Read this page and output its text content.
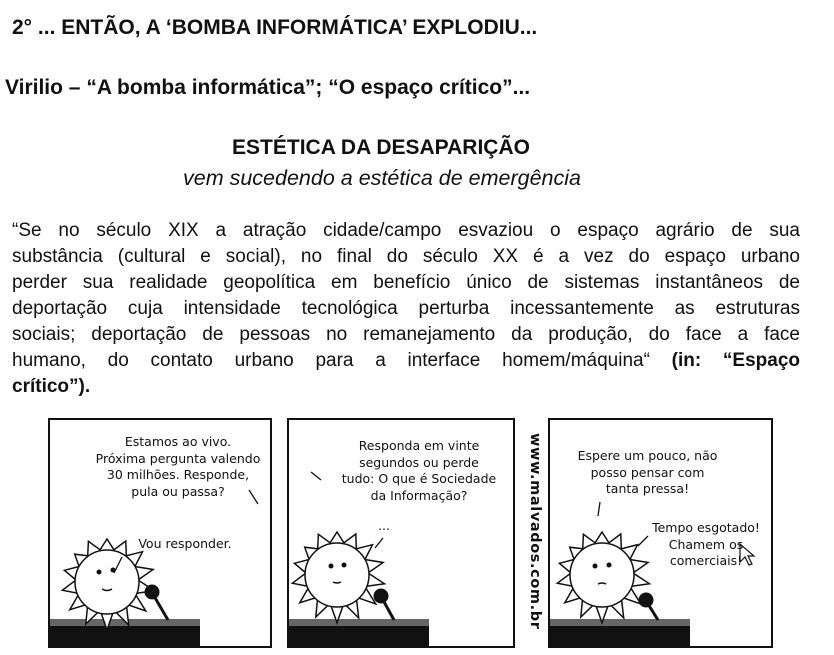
2° ... ENTÃO, A ‘BOMBA INFORMÁTICA’ EXPLODIU...
Virilio – “A bomba informática”; “O espaço crítico”...
ESTÉTICA DA DESAPARIÇÃO
vem sucedendo a estética de emergência
“Se no século XIX a atração cidade/campo esvaziou o espaço agrário de sua
substância (cultural e social), no final do século XX é a vez do espaço urbano
perder sua realidade geopolítica em benefício único de sistemas instantâneos de
deportação cuja intensidade tecnológica perturba incessantemente as estruturas
sociais; deportação de pessoas no remanejamento da produção, do face a face
humano, do contato urbano para a interface homem/máquina“ (in: “Espaço
crítico”).
Estamos ao vivo.
Próxima pergunta valendo
30 milhões. Responde,
pula ou passa?
Vou responder.
Responda em vinte
segundos ou perde
tudo: O que é Sociedade
da Informação?
...	www.malvados.com.br	Espere um pouco, não
posso pensar com
tanta pressa!
Tempo esgotado!
Chamem os
comerciais!
